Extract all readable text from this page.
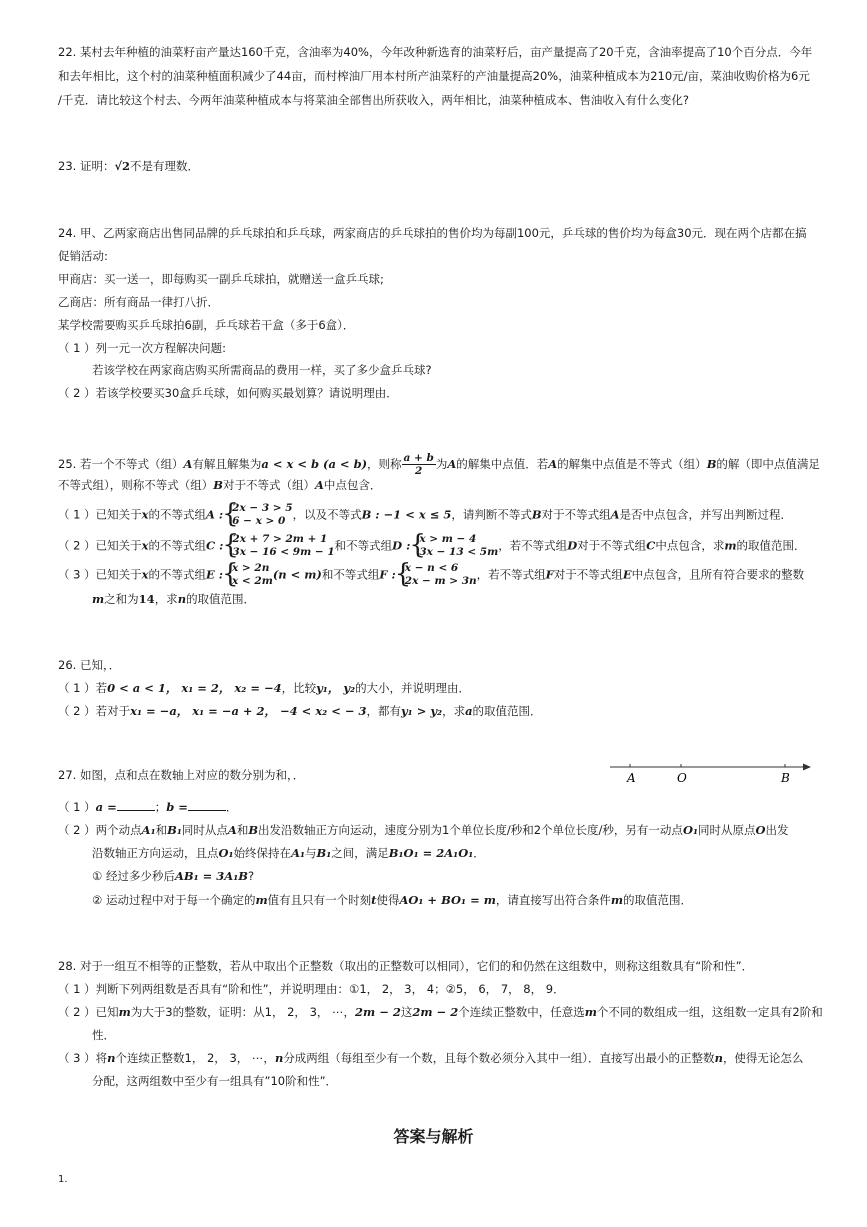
22. 某村去年种植的油菜籽亩产量达160千克，含油率为40%，今年改种新选育的油菜籽后，亩产量提高了20千克，含油率提高了10个百分点．今年
和去年相比，这个村的油菜种植面积减少了44亩，而村榨油厂用本村所产油菜籽的产油量提高20%，油菜种植成本为210元/亩，菜油收购价格为6元
/千克．请比较这个村去、今两年油菜种植成本与将菜油全部售出所获收入，两年相比，油菜种植成本、售油收入有什么变化?
23. 证明：√2不是有理数．
24. 甲、乙两家商店出售同品牌的乒乓球拍和乒乓球，两家商店的乒乓球拍的售价均为每副100元，乒乓球的售价均为每盒30元．现在两个店都在搞
促销活动:
甲商店：买一送一，即每购买一副乒乓球拍，就赠送一盒乒乓球;
乙商店：所有商品一律打八折．
某学校需要购买乒乓球拍6副，乒乓球若干盒（多于6盒）．
（ 1 ）列一元一次方程解决问题:
若该学校在两家商店购买所需商品的费用一样，买了多少盒乒乓球?
（ 2 ）若该学校要买30盒乒乓球，如何购买最划算？请说明理由．
25. 若一个不等式（组）A有解且解集为a < x < b (a < b)，则称 $\frac{a + b}{2}$ 为A的解集中点值．若A的解集中点值是不等式（组）B的解（即中点值满足
不等式组），则称不等式（组）B对于不等式（组）A中点包含．
（ 1 ）已知关于x的不等式组A : { 2x − 3 > 5
6 − x > 0 ，以及不等式B : −1 < x ≤ 5，请判断不等式B对于不等式组A是否中点包含，并写出判断过程．
（ 2 ）已知关于x的不等式组C : { 2x + 7 > 2m + 1
3x − 16 < 9m − 1 和不等式组D : { x > m − 4
3x − 13 < 5m ，若不等式组D对于不等式组C中点包含，求m的取值范围．
（ 3 ）已知关于x的不等式组E : { x > 2n
x < 2m (n < m)和不等式组F : { x − n < 6
2x − m > 3n ，若不等式组F对于不等式组E中点包含，且所有符合要求的整数
m之和为14，求n的取值范围．
26. 已知，．
（ 1 ）若0 < a < 1， x₁ = 2， x₂ = −4，比较y₁， y₂的大小，并说明理由．
（ 2 ）若对于x₁ = −a， x₁ = −a + 2， −4 < x₂ < − 3，都有y₁ > y₂，求a的取值范围．
27. 如图，点和点在数轴上对应的数分别为和，．	A	O	B
（ 1 ）a =	；b =	．
（ 2 ）两个动点A₁和B₁同时从点A和B出发沿数轴正方向运动，速度分别为1个单位长度/秒和2个单位长度/秒，另有一动点O₁同时从原点O出发
沿数轴正方向运动，且点O₁始终保持在A₁与B₁之间，满足B₁O₁ = 2A₁O₁．
① 经过多少秒后AB₁ = 3A₁B?
② 运动过程中对于每一个确定的m值有且只有一个时刻t使得AO₁ + BO₁ = m，请直接写出符合条件m的取值范围．
28. 对于一组互不相等的正整数，若从中取出个正整数（取出的正整数可以相同），它们的和仍然在这组数中，则称这组数具有“阶和性”．
（ 1 ）判断下列两组数是否具有“阶和性”，并说明理由：①1， 2， 3， 4；②5， 6， 7， 8， 9．
（ 2 ）已知m为大于3的整数，证明：从1， 2， 3， ⋯，2m − 2这2m − 2个连续正整数中，任意选m个不同的数组成一组，这组数一定具有2阶和
性．
（ 3 ）将n个连续正整数1， 2， 3， ⋯，n分成两组（每组至少有一个数，且每个数必须分入其中一组）．直接写出最小的正整数n，使得无论怎么
分配，这两组数中至少有一组具有”10阶和性”．
答案与解析
1.
